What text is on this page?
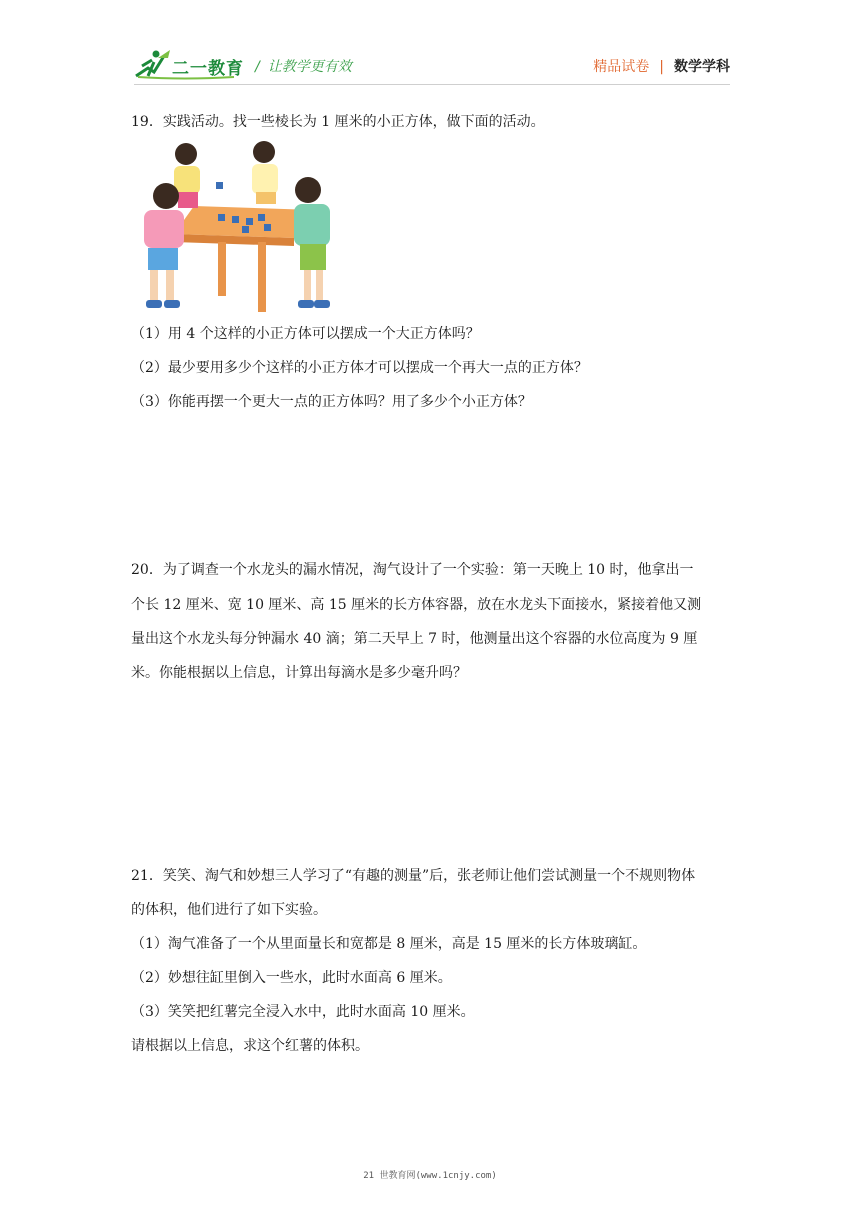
二一教育 / 让教学更有效	精品试卷 | 数学学科
19．实践活动。找一些棱长为 1 厘米的小正方体，做下面的活动。
（1）用 4 个这样的小正方体可以摆成一个大正方体吗？
（2）最少要用多少个这样的小正方体才可以摆成一个再大一点的正方体？
（3）你能再摆一个更大一点的正方体吗？用了多少个小正方体？
20．为了调查一个水龙头的漏水情况，淘气设计了一个实验：第一天晚上 10 时，他拿出一
个长 12 厘米、宽 10 厘米、高 15 厘米的长方体容器，放在水龙头下面接水，紧接着他又测
量出这个水龙头每分钟漏水 40 滴；第二天早上 7 时，他测量出这个容器的水位高度为 9 厘
米。你能根据以上信息，计算出每滴水是多少毫升吗？
21．笑笑、淘气和妙想三人学习了“有趣的测量”后，张老师让他们尝试测量一个不规则物体
的体积，他们进行了如下实验。
（1）淘气准备了一个从里面量长和宽都是 8 厘米，高是 15 厘米的长方体玻璃缸。
（2）妙想往缸里倒入一些水，此时水面高 6 厘米。
（3）笑笑把红薯完全浸入水中，此时水面高 10 厘米。
请根据以上信息，求这个红薯的体积。
21 世教育网(www.1cnjy.com)
